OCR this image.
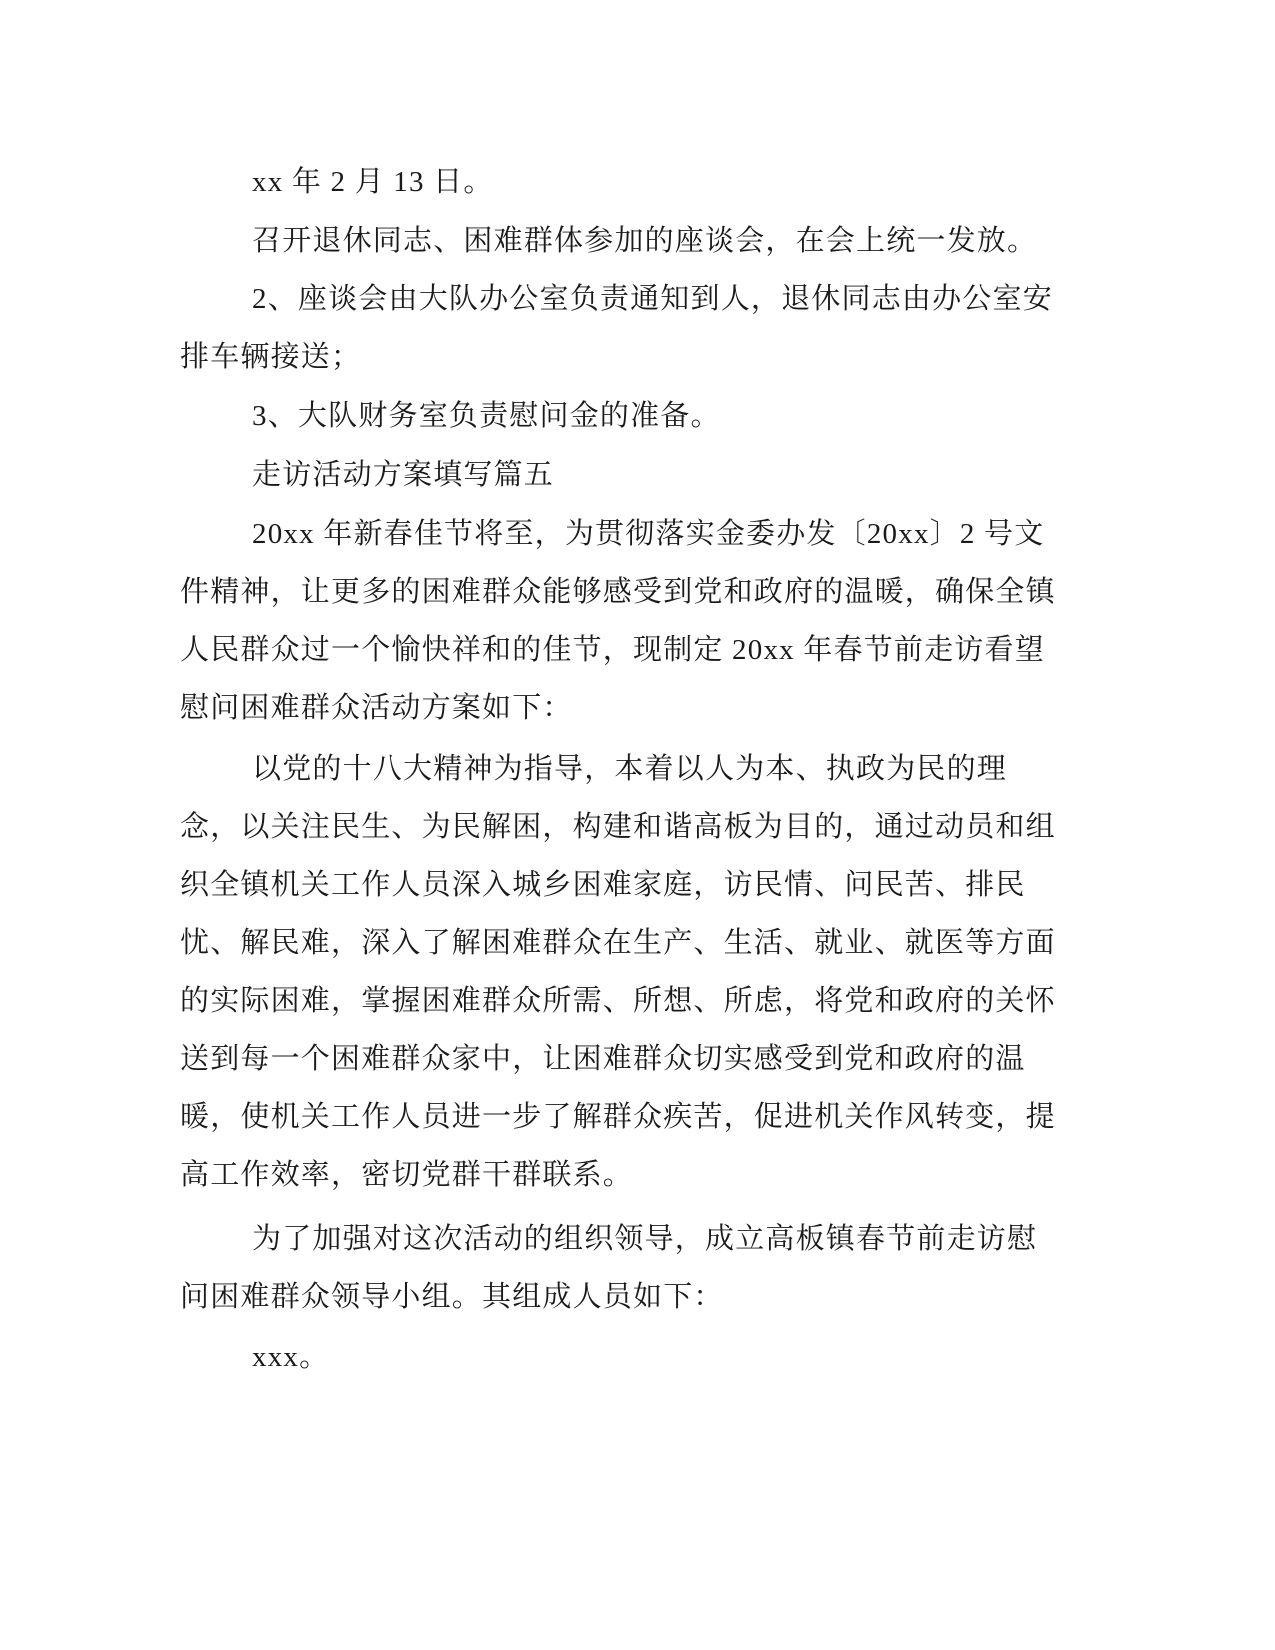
xx 年 2 月 13 日。

召开退休同志、困难群体参加的座谈会，在会上统一发放。

2、座谈会由大队办公室负责通知到人，退休同志由办公室安排车辆接送；

3、大队财务室负责慰问金的准备。

走访活动方案填写篇五

20xx 年新春佳节将至，为贯彻落实金委办发〔20xx〕2 号文件精神，让更多的困难群众能够感受到党和政府的温暖，确保全镇人民群众过一个愉快祥和的佳节，现制定 20xx 年春节前走访看望慰问困难群众活动方案如下：

以党的十八大精神为指导，本着以人为本、执政为民的理念，以关注民生、为民解困，构建和谐高板为目的，通过动员和组织全镇机关工作人员深入城乡困难家庭，访民情、问民苦、排民忧、解民难，深入了解困难群众在生产、生活、就业、就医等方面的实际困难，掌握困难群众所需、所想、所虑，将党和政府的关怀送到每一个困难群众家中，让困难群众切实感受到党和政府的温暖，使机关工作人员进一步了解群众疾苦，促进机关作风转变，提高工作效率，密切党群干群联系。

为了加强对这次活动的组织领导，成立高板镇春节前走访慰问困难群众领导小组。其组成人员如下：

xxx。
